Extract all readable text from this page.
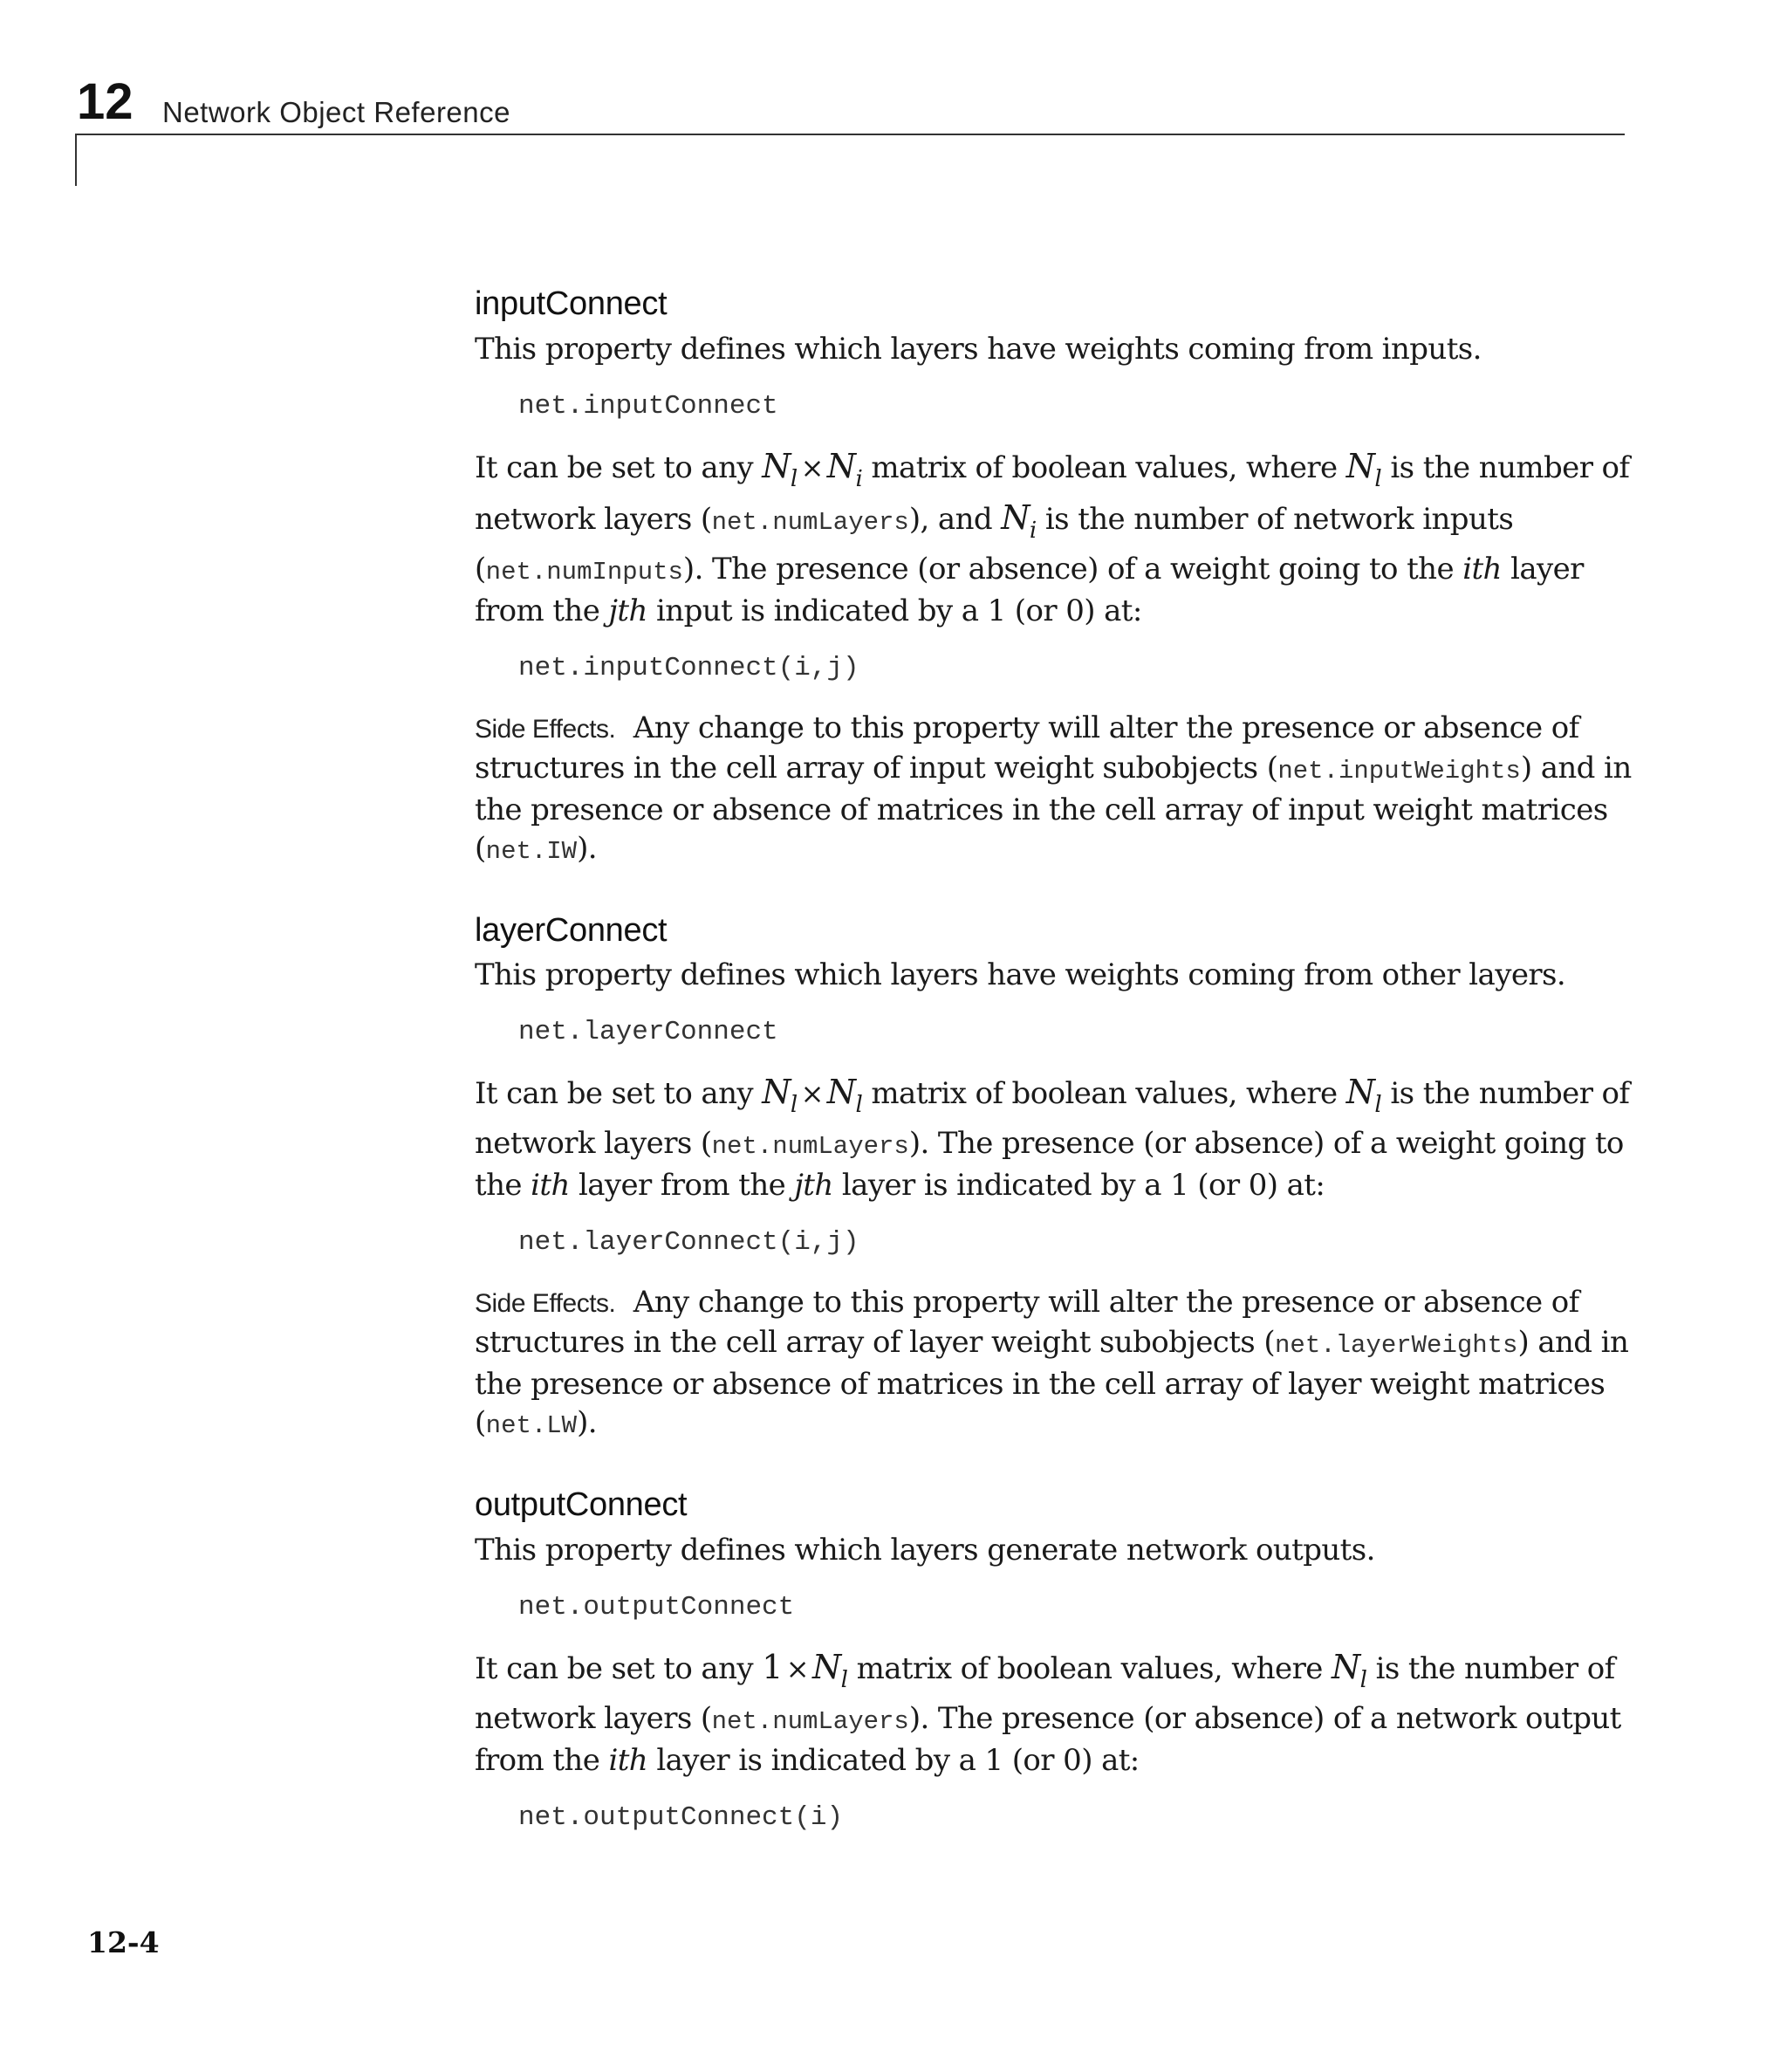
12 Network Object Reference
inputConnect

This property defines which layers have weights coming from inputs.

net.inputConnect

It can be set to any $N_l \times N_i$ matrix of boolean values, where $N_l$ is the number of network layers (net.numLayers), and $N_i$ is the number of network inputs (net.numInputs). The presence (or absence) of a weight going to the ith layer from the jth input is indicated by a 1 (or 0) at:

net.inputConnect(i,j)

Side Effects. Any change to this property will alter the presence or absence of structures in the cell array of input weight subobjects (net.inputWeights) and in the presence or absence of matrices in the cell array of input weight matrices (net.IW).

layerConnect

This property defines which layers have weights coming from other layers.

net.layerConnect

It can be set to any $N_l \times N_l$ matrix of boolean values, where $N_l$ is the number of network layers (net.numLayers). The presence (or absence) of a weight going to the ith layer from the jth layer is indicated by a 1 (or 0) at:

net.layerConnect(i,j)

Side Effects. Any change to this property will alter the presence or absence of structures in the cell array of layer weight subobjects (net.layerWeights) and in the presence or absence of matrices in the cell array of layer weight matrices (net.LW).

outputConnect

This property defines which layers generate network outputs.

net.outputConnect

It can be set to any $1 \times N_l$ matrix of boolean values, where $N_l$ is the number of network layers (net.numLayers). The presence (or absence) of a network output from the ith layer is indicated by a 1 (or 0) at:

net.outputConnect(i)
12-4
